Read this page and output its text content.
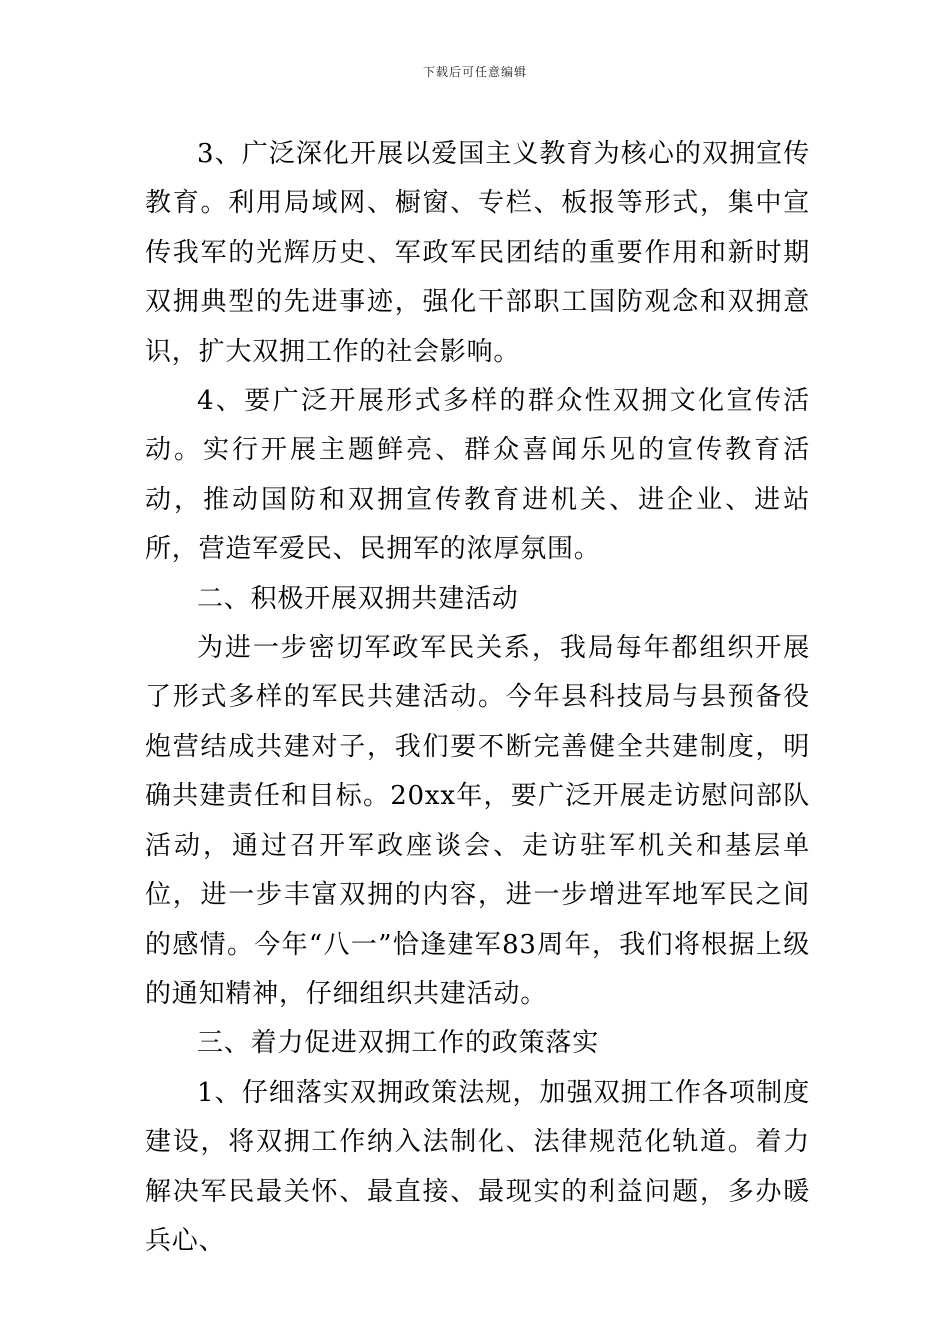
下载后可任意编辑

3、广泛深化开展以爱国主义教育为核心的双拥宣传教育。利用局域网、橱窗、专栏、板报等形式，集中宣传我军的光辉历史、军政军民团结的重要作用和新时期双拥典型的先进事迹，强化干部职工国防观念和双拥意识，扩大双拥工作的社会影响。

4、要广泛开展形式多样的群众性双拥文化宣传活动。实行开展主题鲜亮、群众喜闻乐见的宣传教育活动，推动国防和双拥宣传教育进机关、进企业、进站所，营造军爱民、民拥军的浓厚氛围。

二、积极开展双拥共建活动

为进一步密切军政军民关系，我局每年都组织开展了形式多样的军民共建活动。今年县科技局与县预备役炮营结成共建对子，我们要不断完善健全共建制度，明确共建责任和目标。20xx年，要广泛开展走访慰问部队活动，通过召开军政座谈会、走访驻军机关和基层单位，进一步丰富双拥的内容，进一步增进军地军民之间的感情。今年“八一”恰逢建军83周年，我们将根据上级的通知精神，仔细组织共建活动。

三、着力促进双拥工作的政策落实

1、仔细落实双拥政策法规，加强双拥工作各项制度建设，将双拥工作纳入法制化、法律规范化轨道。着力解决军民最关怀、最直接、最现实的利益问题，多办暖兵心、
